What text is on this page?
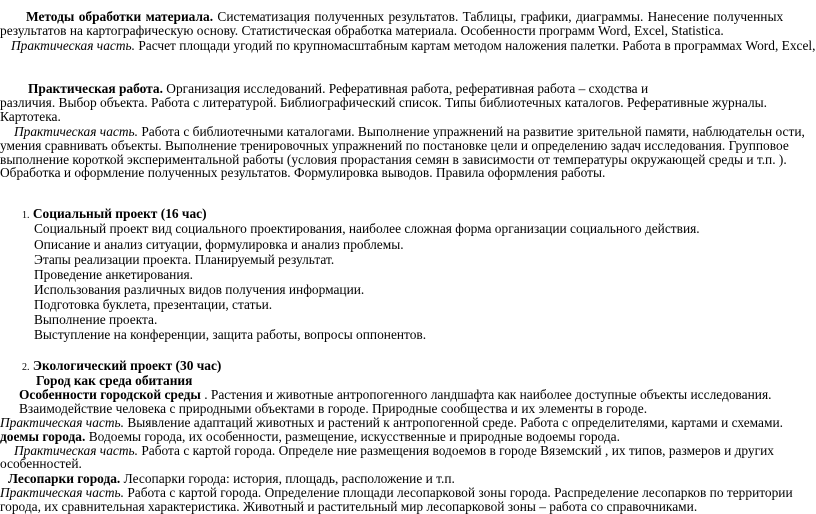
Методы обработки материала. Систематизация полученных результатов. Таблицы, графики, диаграммы. Нанесение полученных
результатов на картографическую основу. Статистическая обработка материала. Особенности программ Word, Excel, Statistica.
Практическая часть. Расчет площади угодий по крупномасштабным картам методом наложения палетки. Работа в программах Word, Excel,
Практическая работа. Организация исследований. Реферативная работа, реферативная работа – сходства и
различия. Выбор объекта. Работа с литературой. Библиографический список. Типы библиотечных каталогов. Реферативные журналы.
Картотека.
Практическая часть. Работа с библиотечными каталогами. Выполнение упражнений на развитие зрительной памяти, наблюдательн ости,
умения сравнивать объекты. Выполнение тренировочных упражнений по постановке цели и определению задач исследования. Групповое
выполнение короткой экспериментальной работы (условия прорастания семян в зависимости от температуры окружающей среды и т.п. ).
Обработка и оформление полученных результатов. Формулировка выводов. Правила оформления работы.
1. Социальный проект (16 час)
Социальный проект вид социального проектирования, наиболее сложная форма организации социального действия.
Описание и анализ ситуации, формулировка и анализ проблемы.
Этапы реализации проекта. Планируемый результат.
Проведение анкетирования.
Использования различных видов получения информации.
Подготовка буклета, презентации, статьи.
Выполнение проекта.
Выступление на конференции, защита работы, вопросы оппонентов.
2. Экологический проект (30 час)
Город как среда обитания
Особенности городской среды . Растения и животные антропогенного ландшафта как наиболее доступные объекты исследования.
Взаимодействие человека с природными объектами в городе. Природные сообщества и их элементы в городе.
Практическая часть. Выявление адаптаций животных и растений к антропогенной среде. Работа с определителями, картами и схемами.
доемы города. Водоемы города, их особенности, размещение, искусственные и природные водоемы города.
Практическая часть. Работа с картой города. Определе ние размещения водоемов в городе Вяземский , их типов, размеров и других
особенностей.
Лесопарки города. Лесопарки города: история, площадь, расположение и т.п.
Практическая часть. Работа с картой города. Определение площади лесопарковой зоны города. Распределение лесопарков по территории
города, их сравнительная характеристика. Животный и растительный мир лесопарковой зоны – работа со справочниками.
